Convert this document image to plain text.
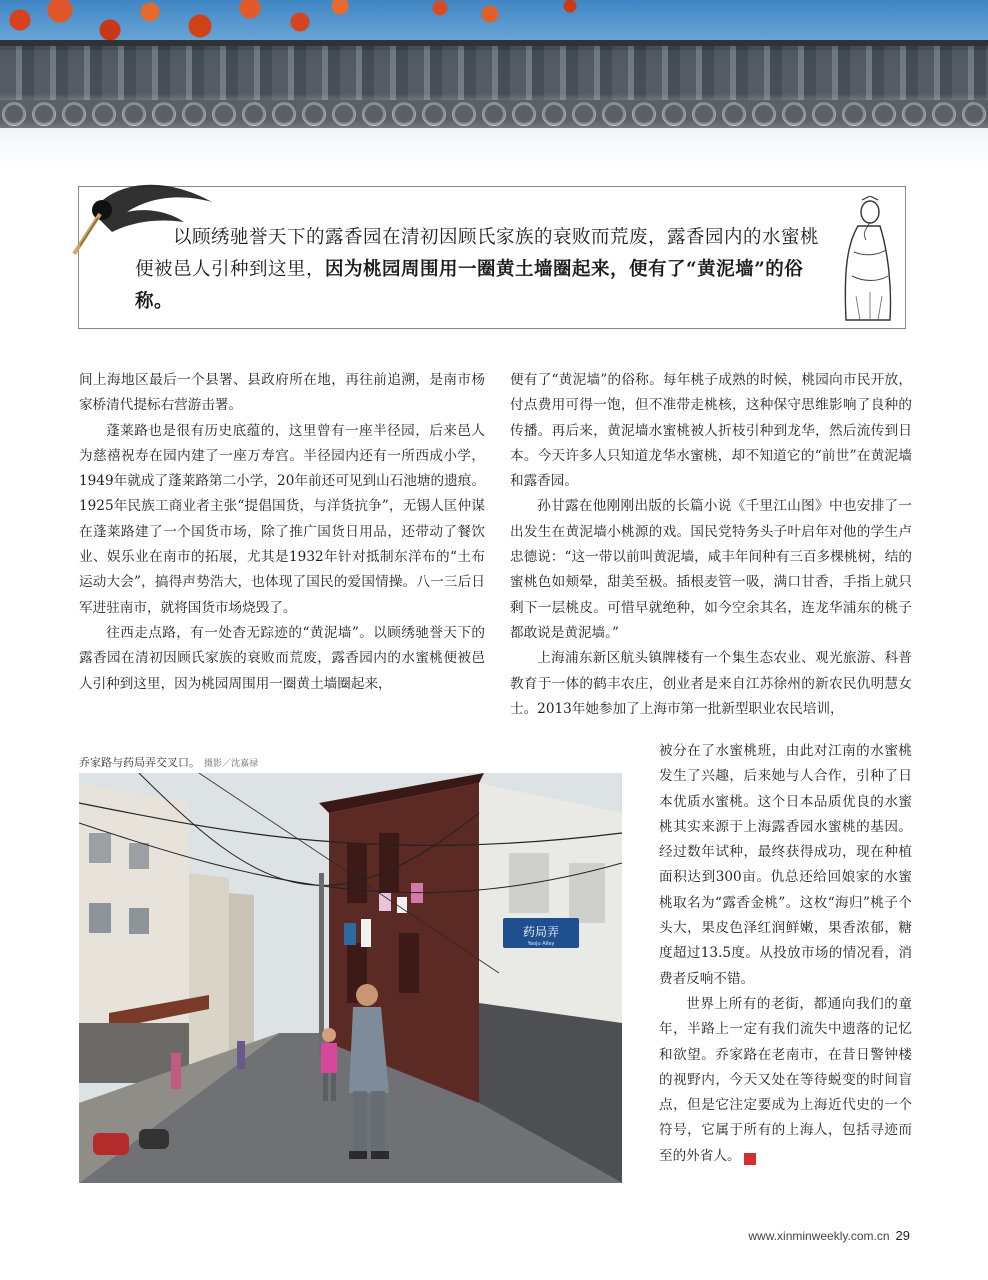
以顾绣驰誉天下的露香园在清初因顾氏家族的衰败而荒废，露香园内的水蜜桃便被邑人引种到这里，因为桃园周围用一圈黄土墙圈起来，便有了“黄泥墙”的俗称。

间上海地区最后一个县署、县政府所在地，再往前追溯，是南市杨家桥清代提标右营游击署。

蓬莱路也是很有历史底蕴的，这里曾有一座半径园，后来邑人为慈禧祝寿在园内建了一座万寿宫。半径园内还有一所西成小学，1949年就成了蓬莱路第二小学，20年前还可见到山石池塘的遗痕。1925年民族工商业者主张“提倡国货，与洋货抗争”，无锡人匡仲谋在蓬莱路建了一个国货市场，除了推广国货日用品，还带动了餐饮业、娱乐业在南市的拓展，尤其是1932年针对抵制东洋布的“土布运动大会”，搞得声势浩大，也体现了国民的爱国情操。八一三后日军进驻南市，就将国货市场烧毁了。

往西走点路，有一处杳无踪迹的“黄泥墙”。以顾绣驰誉天下的露香园在清初因顾氏家族的衰败而荒废，露香园内的水蜜桃便被邑人引种到这里，因为桃园周围用一圈黄土墙圈起来，

便有了“黄泥墙”的俗称。每年桃子成熟的时候，桃园向市民开放，付点费用可得一饱，但不准带走桃核，这种保守思维影响了良种的传播。再后来，黄泥墙水蜜桃被人折枝引种到龙华，然后流传到日本。今天许多人只知道龙华水蜜桃，却不知道它的“前世”在黄泥墙和露香园。

孙甘露在他刚刚出版的长篇小说《千里江山图》中也安排了一出发生在黄泥墙小桃源的戏。国民党特务头子叶启年对他的学生卢忠德说：“这一带以前叫黄泥墙，咸丰年间种有三百多棵桃树，结的蜜桃色如颊晕，甜美至极。插根麦管一吸，满口甘香，手指上就只剩下一层桃皮。可惜早就绝种，如今空余其名，连龙华浦东的桃子都敢说是黄泥墙。”

上海浦东新区航头镇牌楼有一个集生态农业、观光旅游、科普教育于一体的鹤丰农庄，创业者是来自江苏徐州的新农民仇明慧女士。2013年她参加了上海市第一批新型职业农民培训，

被分在了水蜜桃班，由此对江南的水蜜桃发生了兴趣，后来她与人合作，引种了日本优质水蜜桃。这个日本品质优良的水蜜桃其实来源于上海露香园水蜜桃的基因。经过数年试种，最终获得成功，现在种植面积达到300亩。仇总还给回娘家的水蜜桃取名为“露香金桃”。这枚“海归”桃子个头大，果皮色泽红润鲜嫩，果香浓郁，糖度超过13.5度。从投放市场的情况看，消费者反响不错。

世界上所有的老街，都通向我们的童年，半路上一定有我们流失中遗落的记忆和欲望。乔家路在老南市，在昔日警钟楼的视野内，今天又处在等待蜕变的时间盲点，但是它注定要成为上海近代史的一个符号，它属于所有的上海人，包括寻迹而至的外省人。	民

乔家路与药局弄交叉口。 摄影／沈嘉禄
药局弄
Yaoju Alley
www.xinminweekly.com.cn 29
